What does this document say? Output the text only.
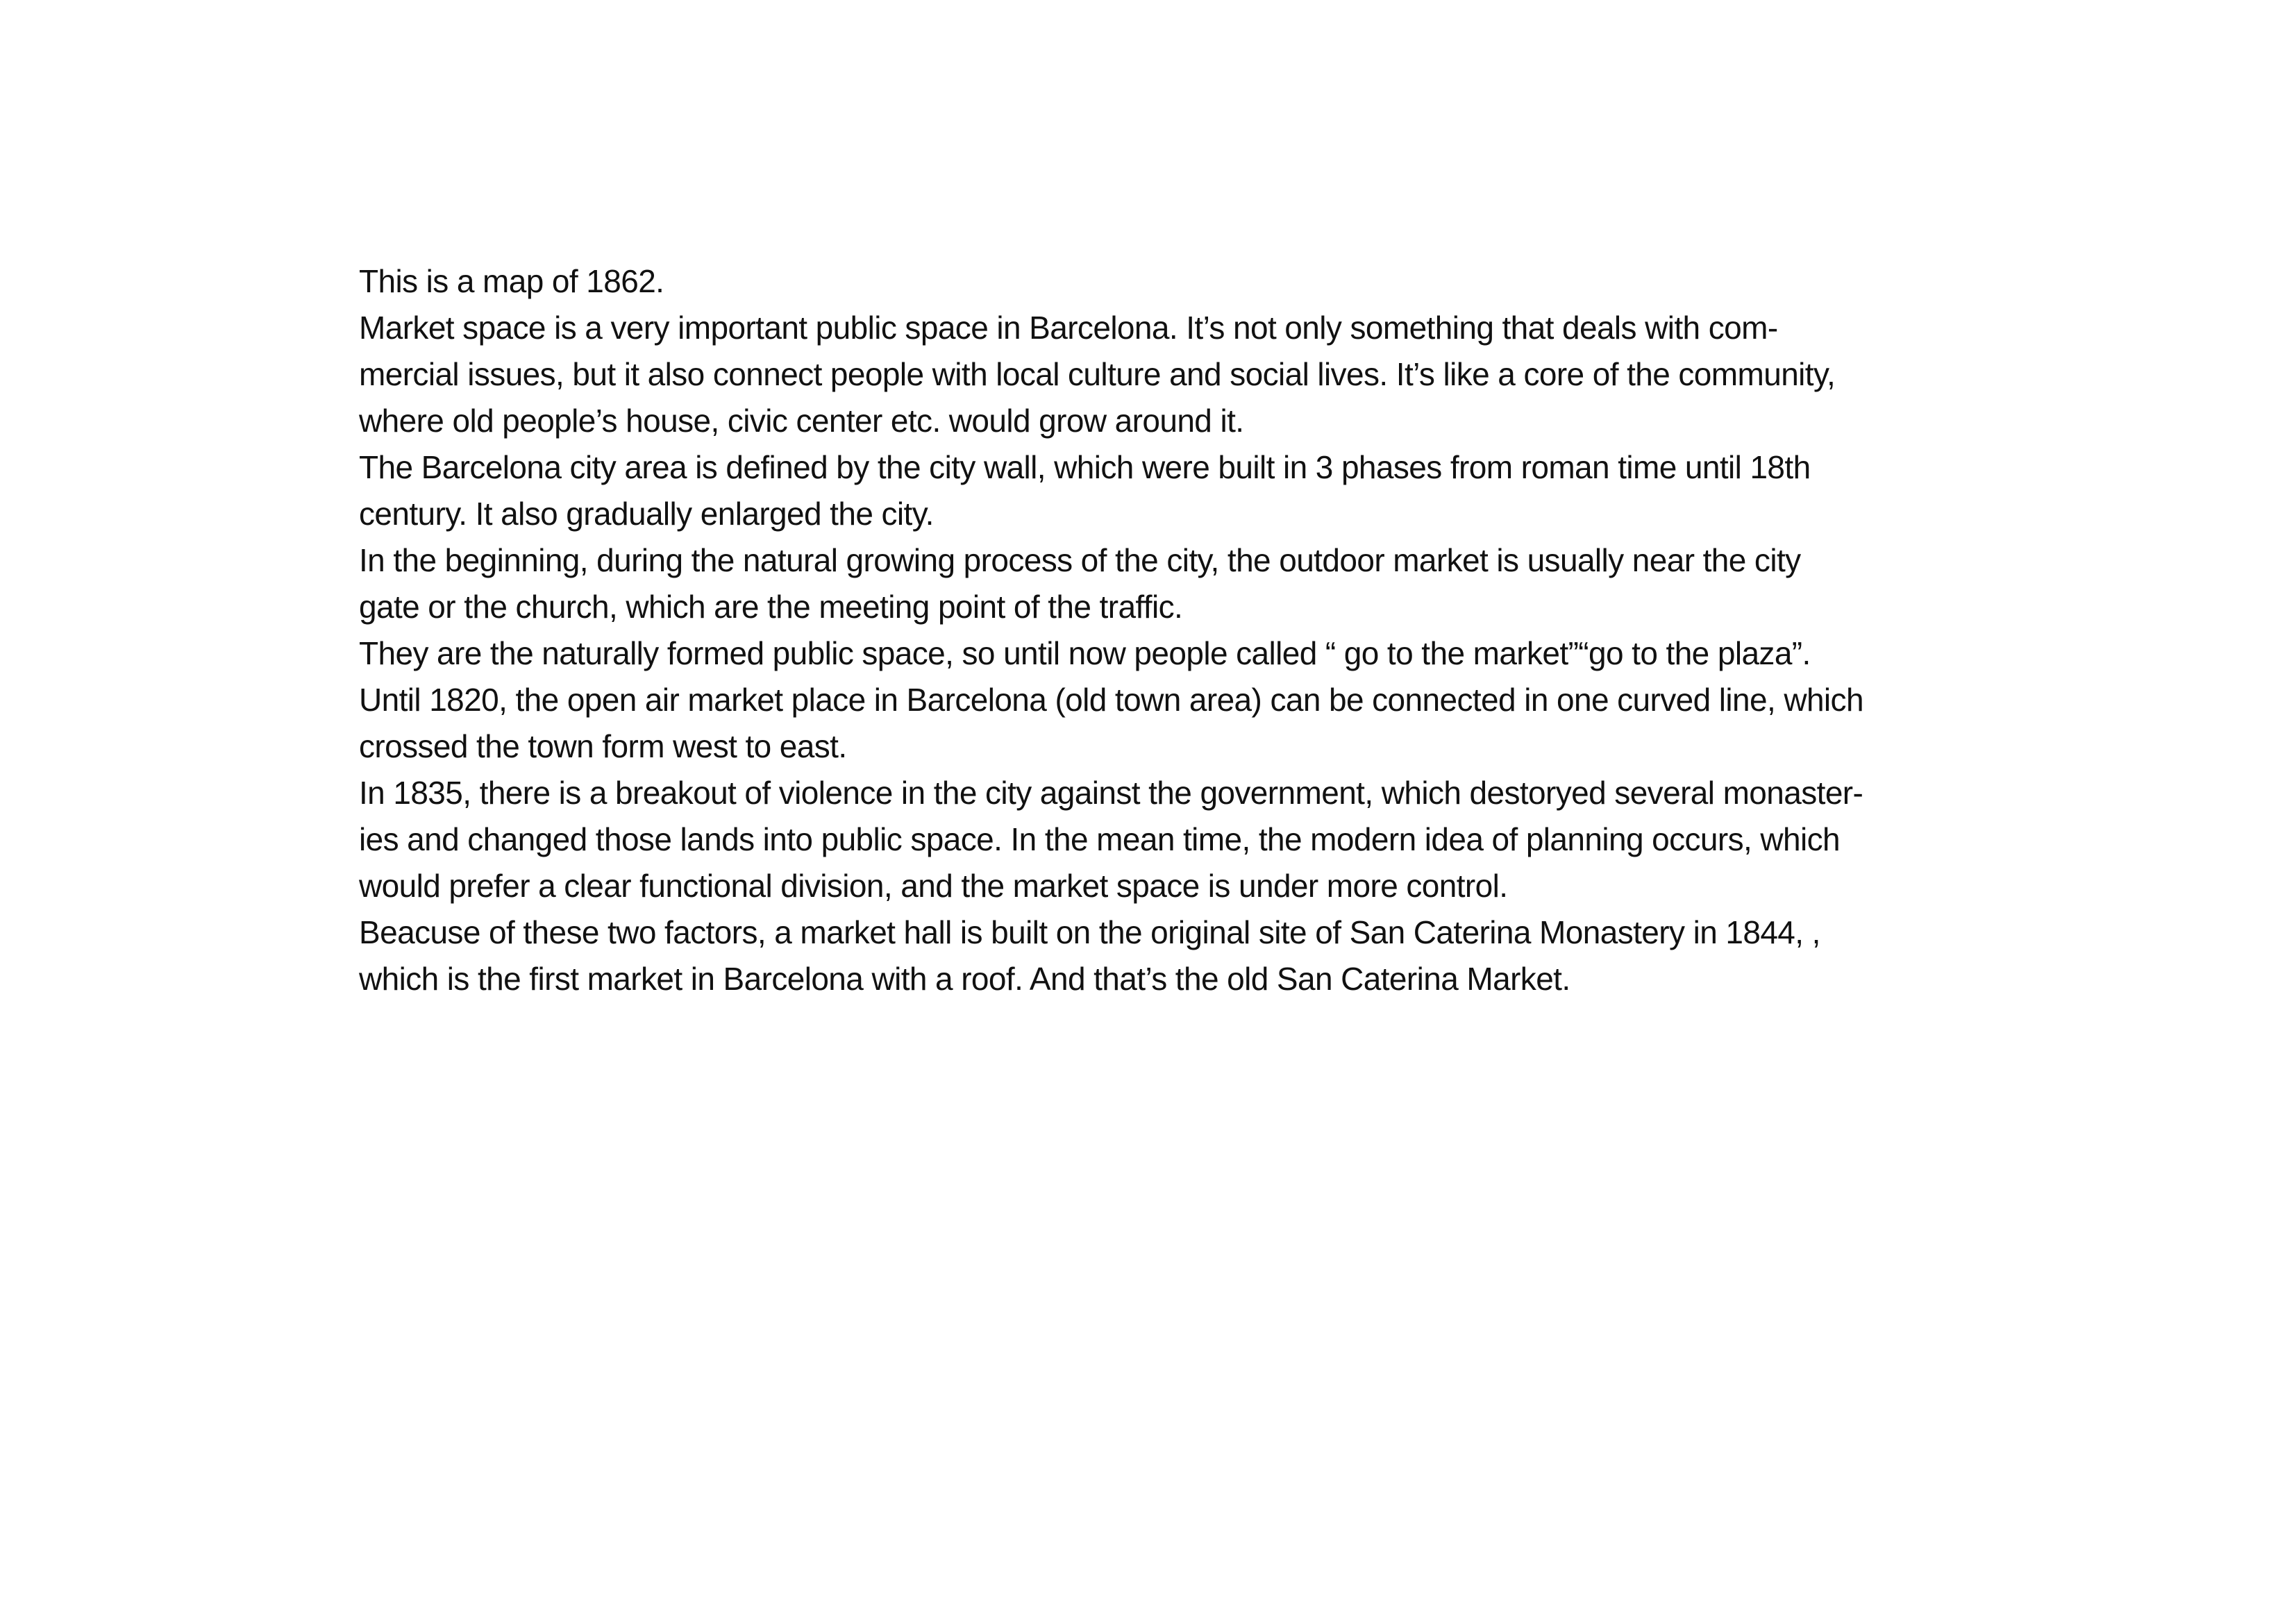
This is a map of 1862.
Market space is a very important public space in Barcelona. It’s not only something that deals with com-
mercial issues, but it also connect people with local culture and social lives. It’s like a core of the community,
where old people’s house, civic center etc. would grow around it.
The Barcelona city area is defined by the city wall, which were built in 3 phases from roman time until 18th
century. It also gradually enlarged the city.
In the beginning, during the natural growing process of the city, the outdoor market is usually near the city
gate or the church, which are the meeting point of the traffic.
They are the naturally formed public space, so until now people called “ go to the market”“go to the plaza”.
Until 1820, the open air market place in Barcelona (old town area) can be connected in one curved line, which
crossed the town form west to east.
In 1835, there is a breakout of violence in the city against the government, which destoryed several monaster-
ies and changed those lands into public space. In the mean time, the modern idea of planning occurs, which
would prefer a clear functional division, and the market space is under more control.
Beacuse of these two factors, a market hall is built on the original site of San Caterina Monastery in 1844, ,
which is the first market in Barcelona with a roof. And that’s the old San Caterina Market.
